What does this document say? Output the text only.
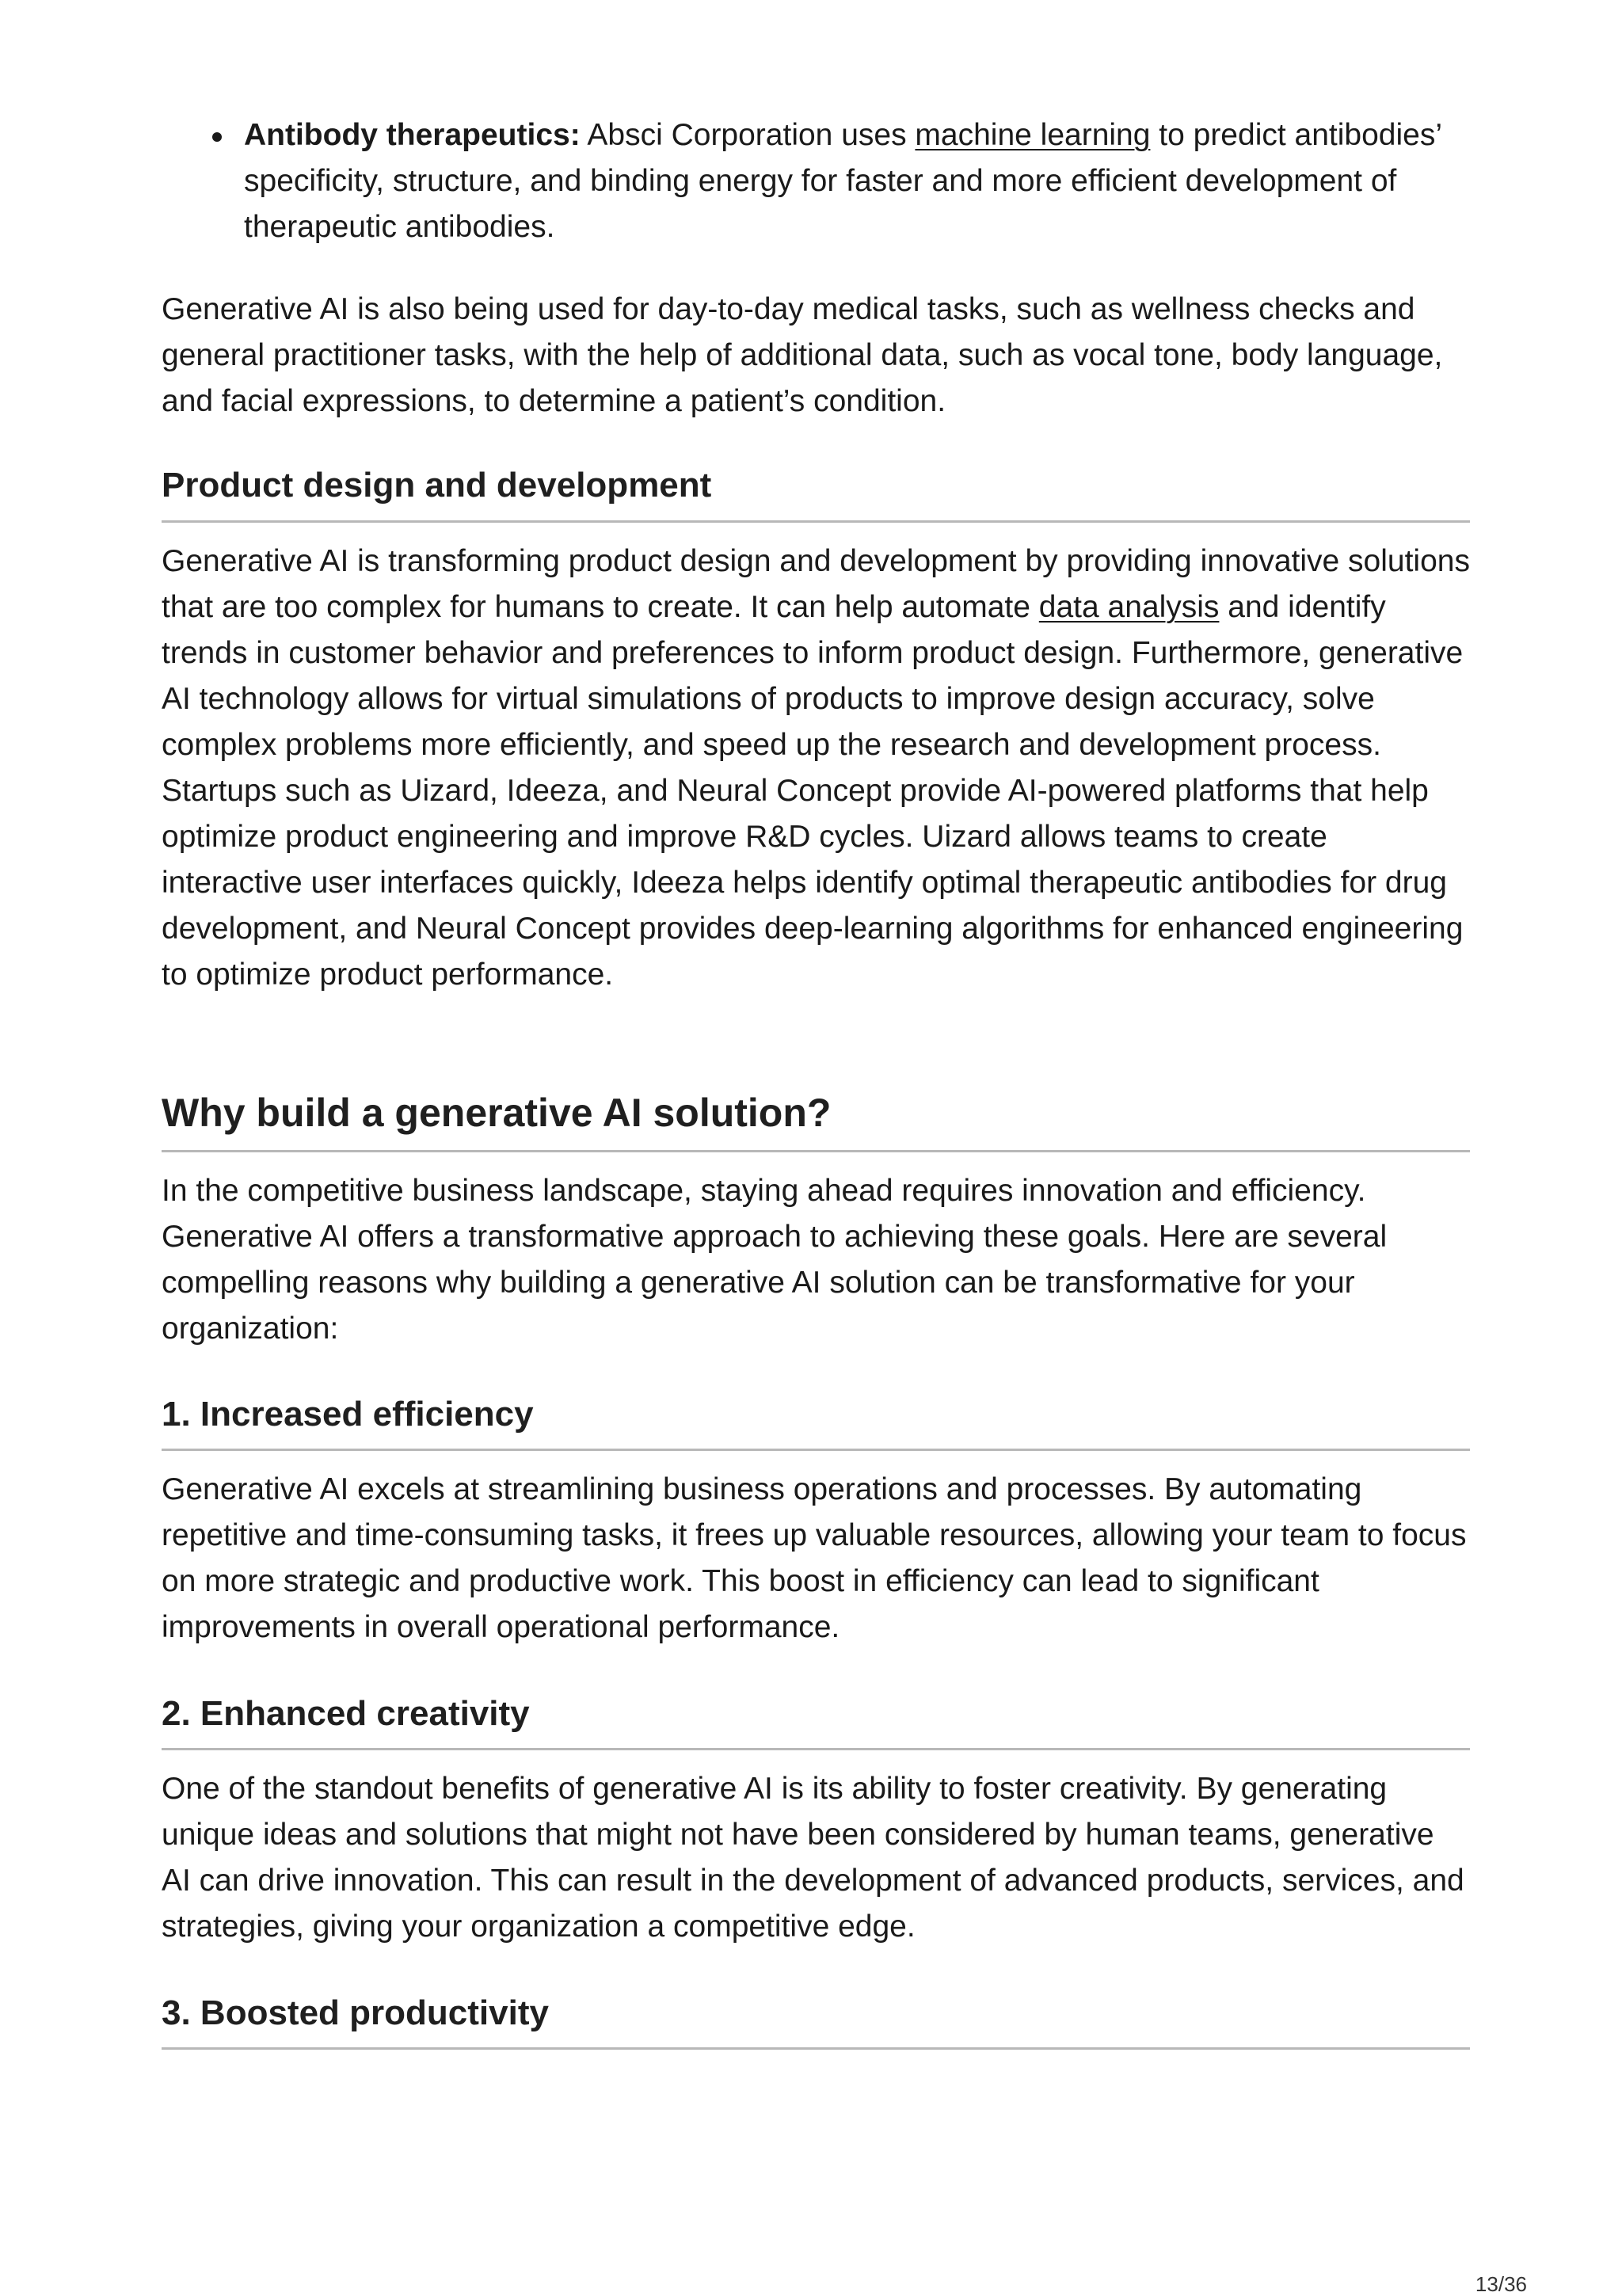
Antibody therapeutics: Absci Corporation uses machine learning to predict antibodies’ specificity, structure, and binding energy for faster and more efficient development of therapeutic antibodies.

Generative AI is also being used for day-to-day medical tasks, such as wellness checks and general practitioner tasks, with the help of additional data, such as vocal tone, body language, and facial expressions, to determine a patient’s condition.

Product design and development

Generative AI is transforming product design and development by providing innovative solutions that are too complex for humans to create. It can help automate data analysis and identify trends in customer behavior and preferences to inform product design. Furthermore, generative AI technology allows for virtual simulations of products to improve design accuracy, solve complex problems more efficiently, and speed up the research and development process. Startups such as Uizard, Ideeza, and Neural Concept provide AI-powered platforms that help optimize product engineering and improve R&D cycles. Uizard allows teams to create interactive user interfaces quickly, Ideeza helps identify optimal therapeutic antibodies for drug development, and Neural Concept provides deep-learning algorithms for enhanced engineering to optimize product performance.

Why build a generative AI solution?

In the competitive business landscape, staying ahead requires innovation and efficiency. Generative AI offers a transformative approach to achieving these goals. Here are several compelling reasons why building a generative AI solution can be transformative for your organization:

1. Increased efficiency

Generative AI excels at streamlining business operations and processes. By automating repetitive and time-consuming tasks, it frees up valuable resources, allowing your team to focus on more strategic and productive work. This boost in efficiency can lead to significant improvements in overall operational performance.

2. Enhanced creativity

One of the standout benefits of generative AI is its ability to foster creativity. By generating unique ideas and solutions that might not have been considered by human teams, generative AI can drive innovation. This can result in the development of advanced products, services, and strategies, giving your organization a competitive edge.

3. Boosted productivity
13/36
